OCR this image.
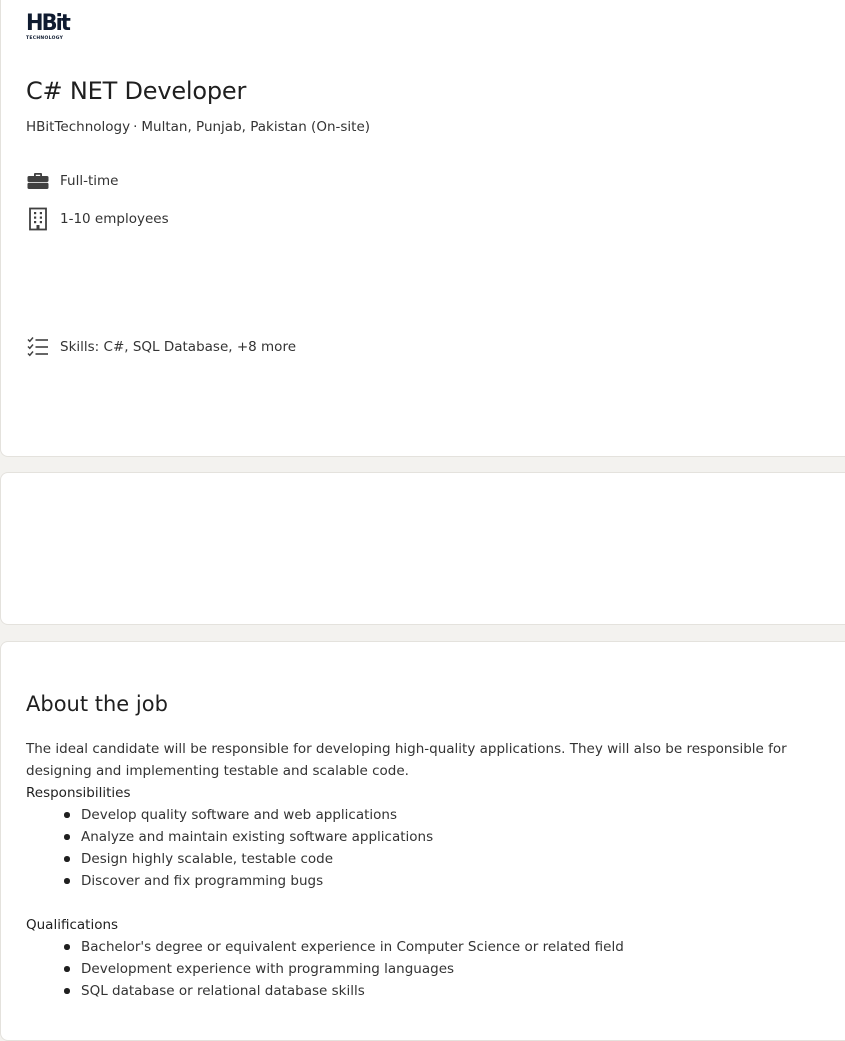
HBit
TECHNOLOGY
C# NET Developer
HBitTechnology · Multan, Punjab, Pakistan (On-site)
Full-time
1-10 employees
Skills: C#, SQL Database, +8 more
About the job

The ideal candidate will be responsible for developing high-quality applications. They will also be responsible for designing and implementing testable and scalable code.

Responsibilities

Develop quality software and web applications
Analyze and maintain existing software applications
Design highly scalable, testable code
Discover and fix programming bugs

Qualifications

Bachelor's degree or equivalent experience in Computer Science or related field
Development experience with programming languages
SQL database or relational database skills
